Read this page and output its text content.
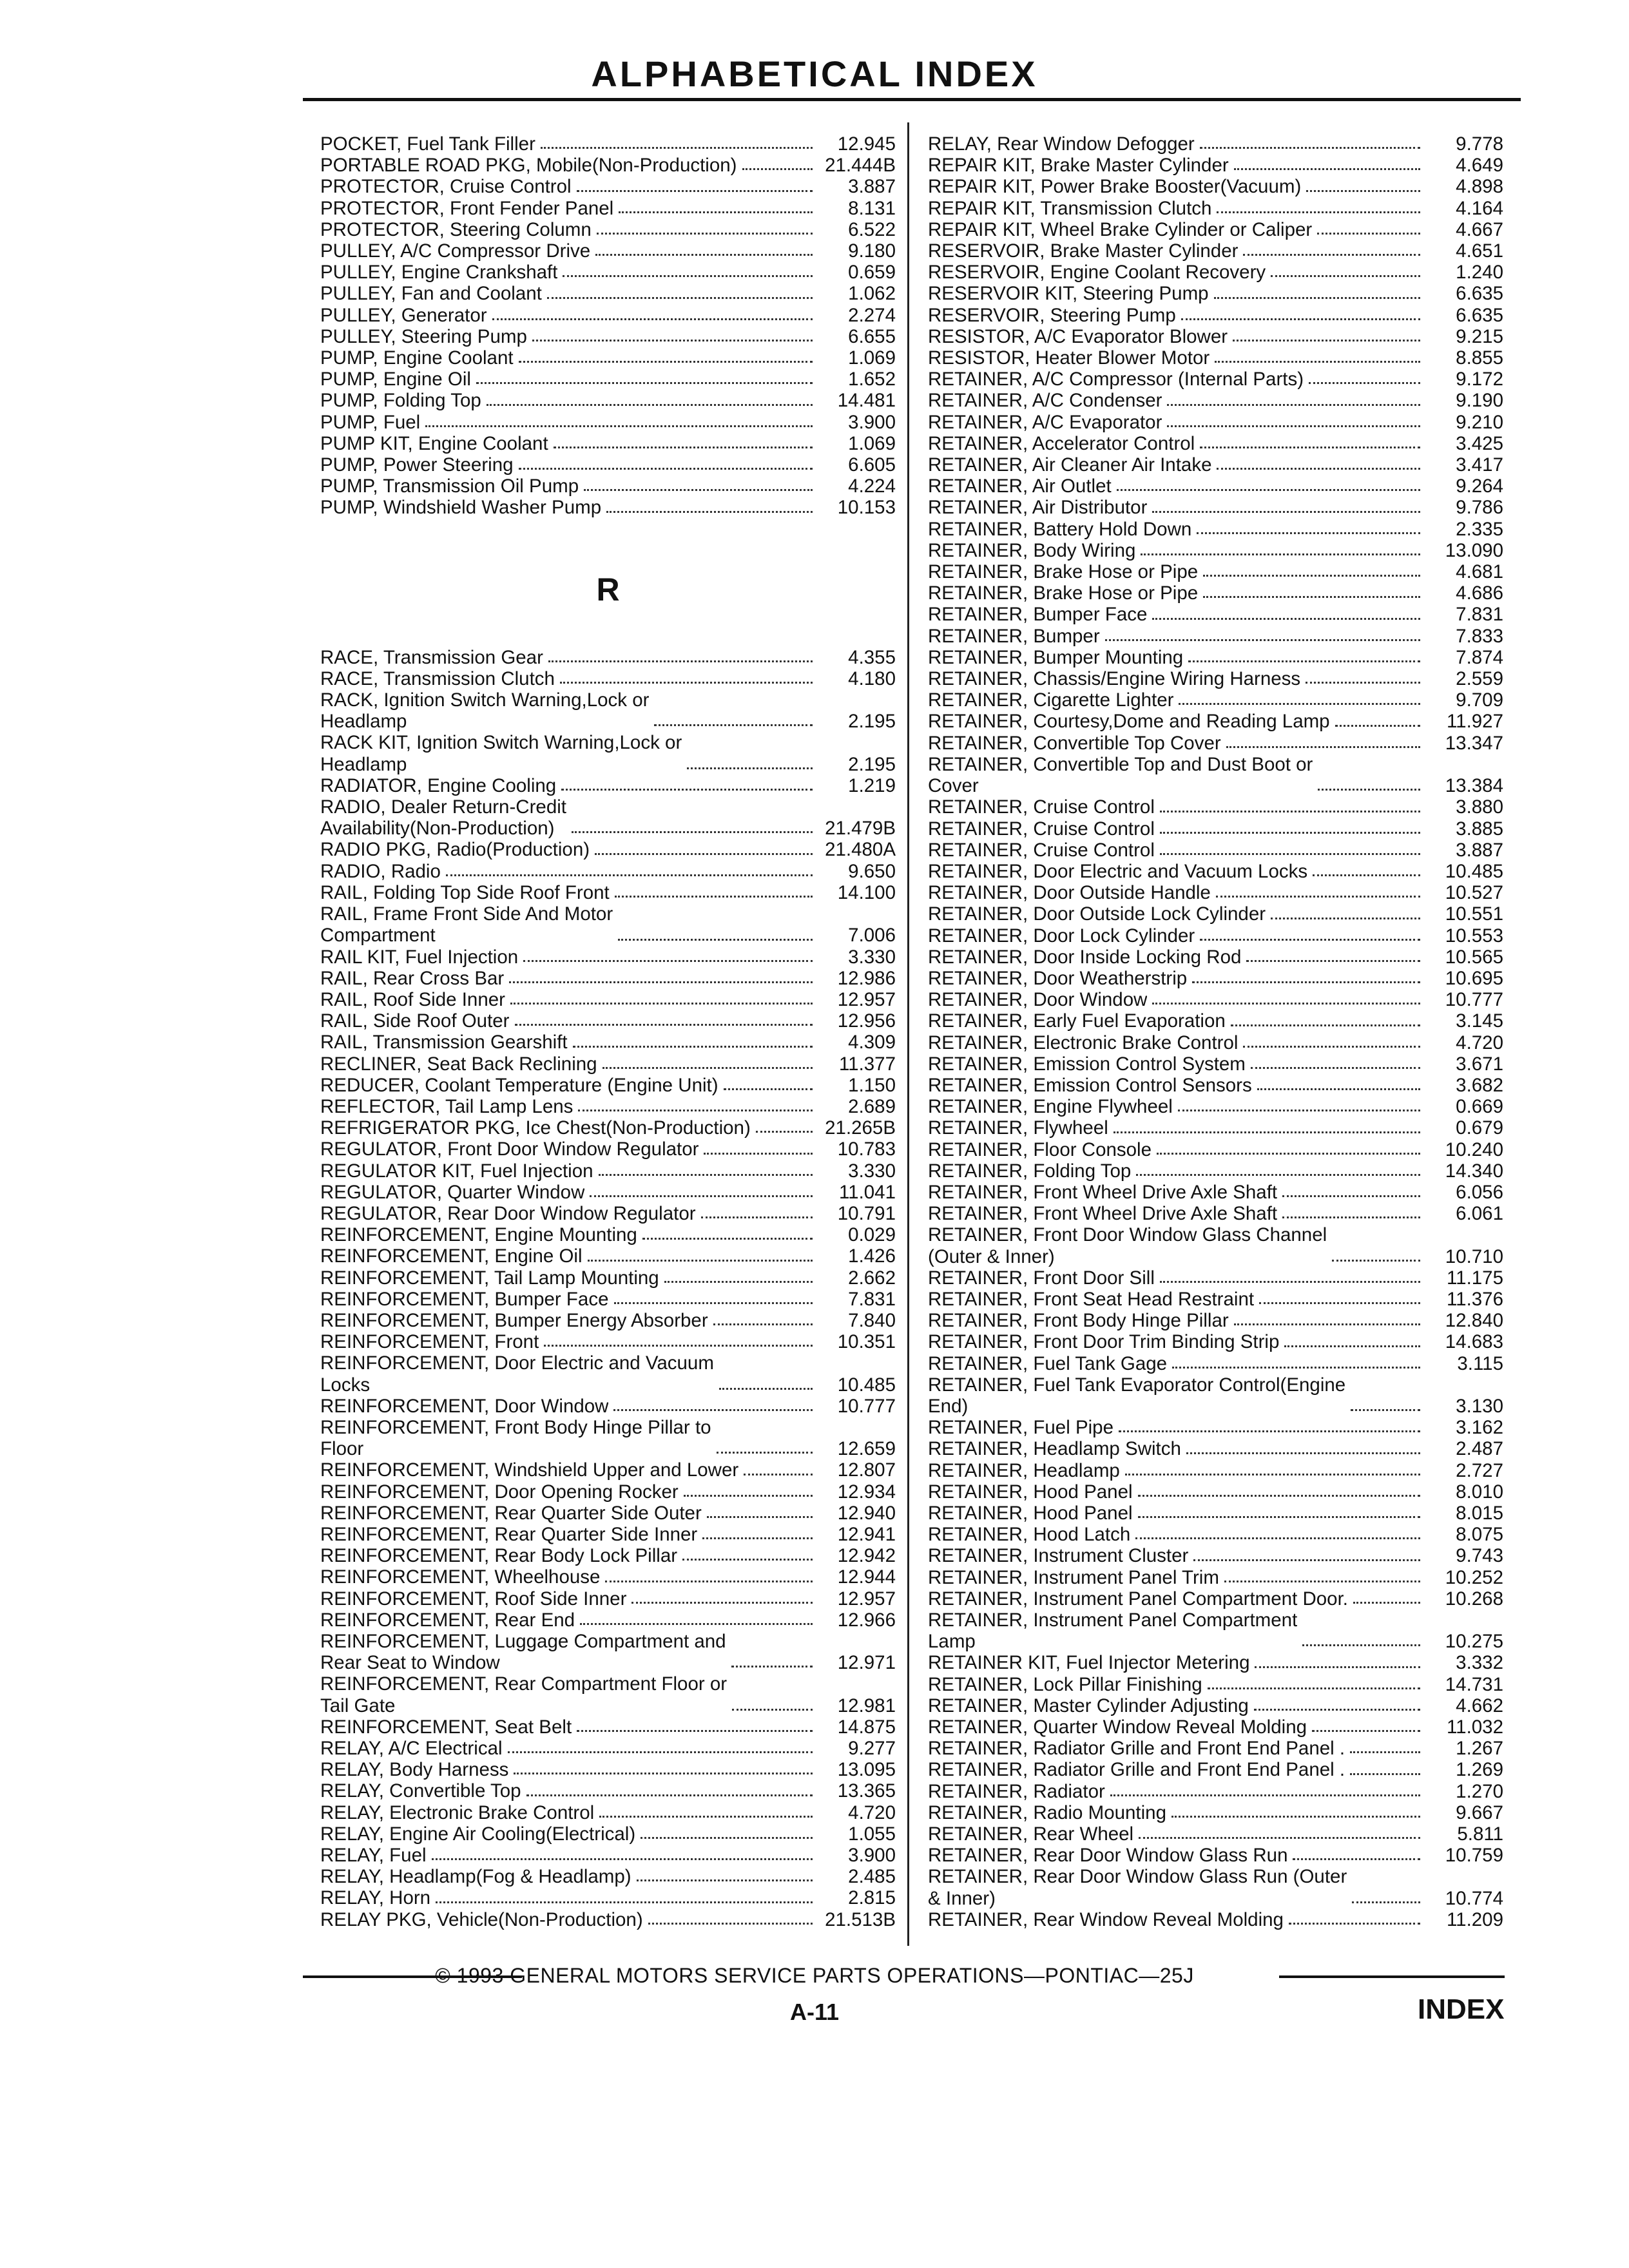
ALPHABETICAL INDEX
POCKET, Fuel Tank Filler	12.945
PORTABLE ROAD PKG, Mobile(Non-Production)	21.444B
PROTECTOR, Cruise Control	3.887
PROTECTOR, Front Fender Panel	8.131
PROTECTOR, Steering Column	6.522
PULLEY, A/C Compressor Drive	9.180
PULLEY, Engine Crankshaft	0.659
PULLEY, Fan and Coolant	1.062
PULLEY, Generator	2.274
PULLEY, Steering Pump	6.655
PUMP, Engine Coolant	1.069
PUMP, Engine Oil	1.652
PUMP, Folding Top	14.481
PUMP, Fuel	3.900
PUMP KIT, Engine Coolant	1.069
PUMP, Power Steering	6.605
PUMP, Transmission Oil Pump	4.224
PUMP, Windshield Washer Pump	10.153
R
RACE, Transmission Gear	4.355
RACE, Transmission Clutch	4.180
RACK, Ignition Switch Warning,Lock or
Headlamp	2.195
RACK KIT, Ignition Switch Warning,Lock or
Headlamp	2.195
RADIATOR, Engine Cooling	1.219
RADIO, Dealer Return-Credit
Availability(Non-Production)	21.479B
RADIO PKG, Radio(Production)	21.480A
RADIO, Radio	9.650
RAIL, Folding Top Side Roof Front	14.100
RAIL, Frame Front Side And Motor
Compartment	7.006
RAIL KIT, Fuel Injection	3.330
RAIL, Rear Cross Bar	12.986
RAIL, Roof Side Inner	12.957
RAIL, Side Roof Outer	12.956
RAIL, Transmission Gearshift	4.309
RECLINER, Seat Back Reclining	11.377
REDUCER, Coolant Temperature (Engine Unit)	1.150
REFLECTOR, Tail Lamp Lens	2.689
REFRIGERATOR PKG, Ice Chest(Non-Production)	21.265B
REGULATOR, Front Door Window Regulator	10.783
REGULATOR KIT, Fuel Injection	3.330
REGULATOR, Quarter Window	11.041
REGULATOR, Rear Door Window Regulator	10.791
REINFORCEMENT, Engine Mounting	0.029
REINFORCEMENT, Engine Oil	1.426
REINFORCEMENT, Tail Lamp Mounting	2.662
REINFORCEMENT, Bumper Face	7.831
REINFORCEMENT, Bumper Energy Absorber	7.840
REINFORCEMENT, Front	10.351
REINFORCEMENT, Door Electric and Vacuum
Locks	10.485
REINFORCEMENT, Door Window	10.777
REINFORCEMENT, Front Body Hinge Pillar to
Floor	12.659
REINFORCEMENT, Windshield Upper and Lower	12.807
REINFORCEMENT, Door Opening Rocker	12.934
REINFORCEMENT, Rear Quarter Side Outer	12.940
REINFORCEMENT, Rear Quarter Side Inner	12.941
REINFORCEMENT, Rear Body Lock Pillar	12.942
REINFORCEMENT, Wheelhouse	12.944
REINFORCEMENT, Roof Side Inner	12.957
REINFORCEMENT, Rear End	12.966
REINFORCEMENT, Luggage Compartment and
Rear Seat to Window	12.971
REINFORCEMENT, Rear Compartment Floor or
Tail Gate	12.981
REINFORCEMENT, Seat Belt	14.875
RELAY, A/C Electrical	9.277
RELAY, Body Harness	13.095
RELAY, Convertible Top	13.365
RELAY, Electronic Brake Control	4.720
RELAY, Engine Air Cooling(Electrical)	1.055
RELAY, Fuel	3.900
RELAY, Headlamp(Fog & Headlamp)	2.485
RELAY, Horn	2.815
RELAY PKG, Vehicle(Non-Production)	21.513B
RELAY, Rear Window Defogger	9.778
REPAIR KIT, Brake Master Cylinder	4.649
REPAIR KIT, Power Brake Booster(Vacuum)	4.898
REPAIR KIT, Transmission Clutch	4.164
REPAIR KIT, Wheel Brake Cylinder or Caliper	4.667
RESERVOIR, Brake Master Cylinder	4.651
RESERVOIR, Engine Coolant Recovery	1.240
RESERVOIR KIT, Steering Pump	6.635
RESERVOIR, Steering Pump	6.635
RESISTOR, A/C Evaporator Blower	9.215
RESISTOR, Heater Blower Motor	8.855
RETAINER, A/C Compressor (Internal Parts)	9.172
RETAINER, A/C Condenser	9.190
RETAINER, A/C Evaporator	9.210
RETAINER, Accelerator Control	3.425
RETAINER, Air Cleaner Air Intake	3.417
RETAINER, Air Outlet	9.264
RETAINER, Air Distributor	9.786
RETAINER, Battery Hold Down	2.335
RETAINER, Body Wiring	13.090
RETAINER, Brake Hose or Pipe	4.681
RETAINER, Brake Hose or Pipe	4.686
RETAINER, Bumper Face	7.831
RETAINER, Bumper	7.833
RETAINER, Bumper Mounting	7.874
RETAINER, Chassis/Engine Wiring Harness	2.559
RETAINER, Cigarette Lighter	9.709
RETAINER, Courtesy,Dome and Reading Lamp	11.927
RETAINER, Convertible Top Cover	13.347
RETAINER, Convertible Top and Dust Boot or
Cover	13.384
RETAINER, Cruise Control	3.880
RETAINER, Cruise Control	3.885
RETAINER, Cruise Control	3.887
RETAINER, Door Electric and Vacuum Locks	10.485
RETAINER, Door Outside Handle	10.527
RETAINER, Door Outside Lock Cylinder	10.551
RETAINER, Door Lock Cylinder	10.553
RETAINER, Door Inside Locking Rod	10.565
RETAINER, Door Weatherstrip	10.695
RETAINER, Door Window	10.777
RETAINER, Early Fuel Evaporation	3.145
RETAINER, Electronic Brake Control	4.720
RETAINER, Emission Control System	3.671
RETAINER, Emission Control Sensors	3.682
RETAINER, Engine Flywheel	0.669
RETAINER, Flywheel	0.679
RETAINER, Floor Console	10.240
RETAINER, Folding Top	14.340
RETAINER, Front Wheel Drive Axle Shaft	6.056
RETAINER, Front Wheel Drive Axle Shaft	6.061
RETAINER, Front Door Window Glass Channel
(Outer & Inner)	10.710
RETAINER, Front Door Sill	11.175
RETAINER, Front Seat Head Restraint	11.376
RETAINER, Front Body Hinge Pillar	12.840
RETAINER, Front Door Trim Binding Strip	14.683
RETAINER, Fuel Tank Gage	3.115
RETAINER, Fuel Tank Evaporator Control(Engine
End)	3.130
RETAINER, Fuel Pipe	3.162
RETAINER, Headlamp Switch	2.487
RETAINER, Headlamp	2.727
RETAINER, Hood Panel	8.010
RETAINER, Hood Panel	8.015
RETAINER, Hood Latch	8.075
RETAINER, Instrument Cluster	9.743
RETAINER, Instrument Panel Trim	10.252
RETAINER, Instrument Panel Compartment Door.	10.268
RETAINER, Instrument Panel Compartment
Lamp	10.275
RETAINER KIT, Fuel Injector Metering	3.332
RETAINER, Lock Pillar Finishing	14.731
RETAINER, Master Cylinder Adjusting	4.662
RETAINER, Quarter Window Reveal Molding	11.032
RETAINER, Radiator Grille and Front End Panel .	1.267
RETAINER, Radiator Grille and Front End Panel .	1.269
RETAINER, Radiator	1.270
RETAINER, Radio Mounting	9.667
RETAINER, Rear Wheel	5.811
RETAINER, Rear Door Window Glass Run	10.759
RETAINER, Rear Door Window Glass Run (Outer
& Inner)	10.774
RETAINER, Rear Window Reveal Molding	11.209
© 1993 GENERAL MOTORS SERVICE PARTS OPERATIONS—PONTIAC—25J
A-11	INDEX
